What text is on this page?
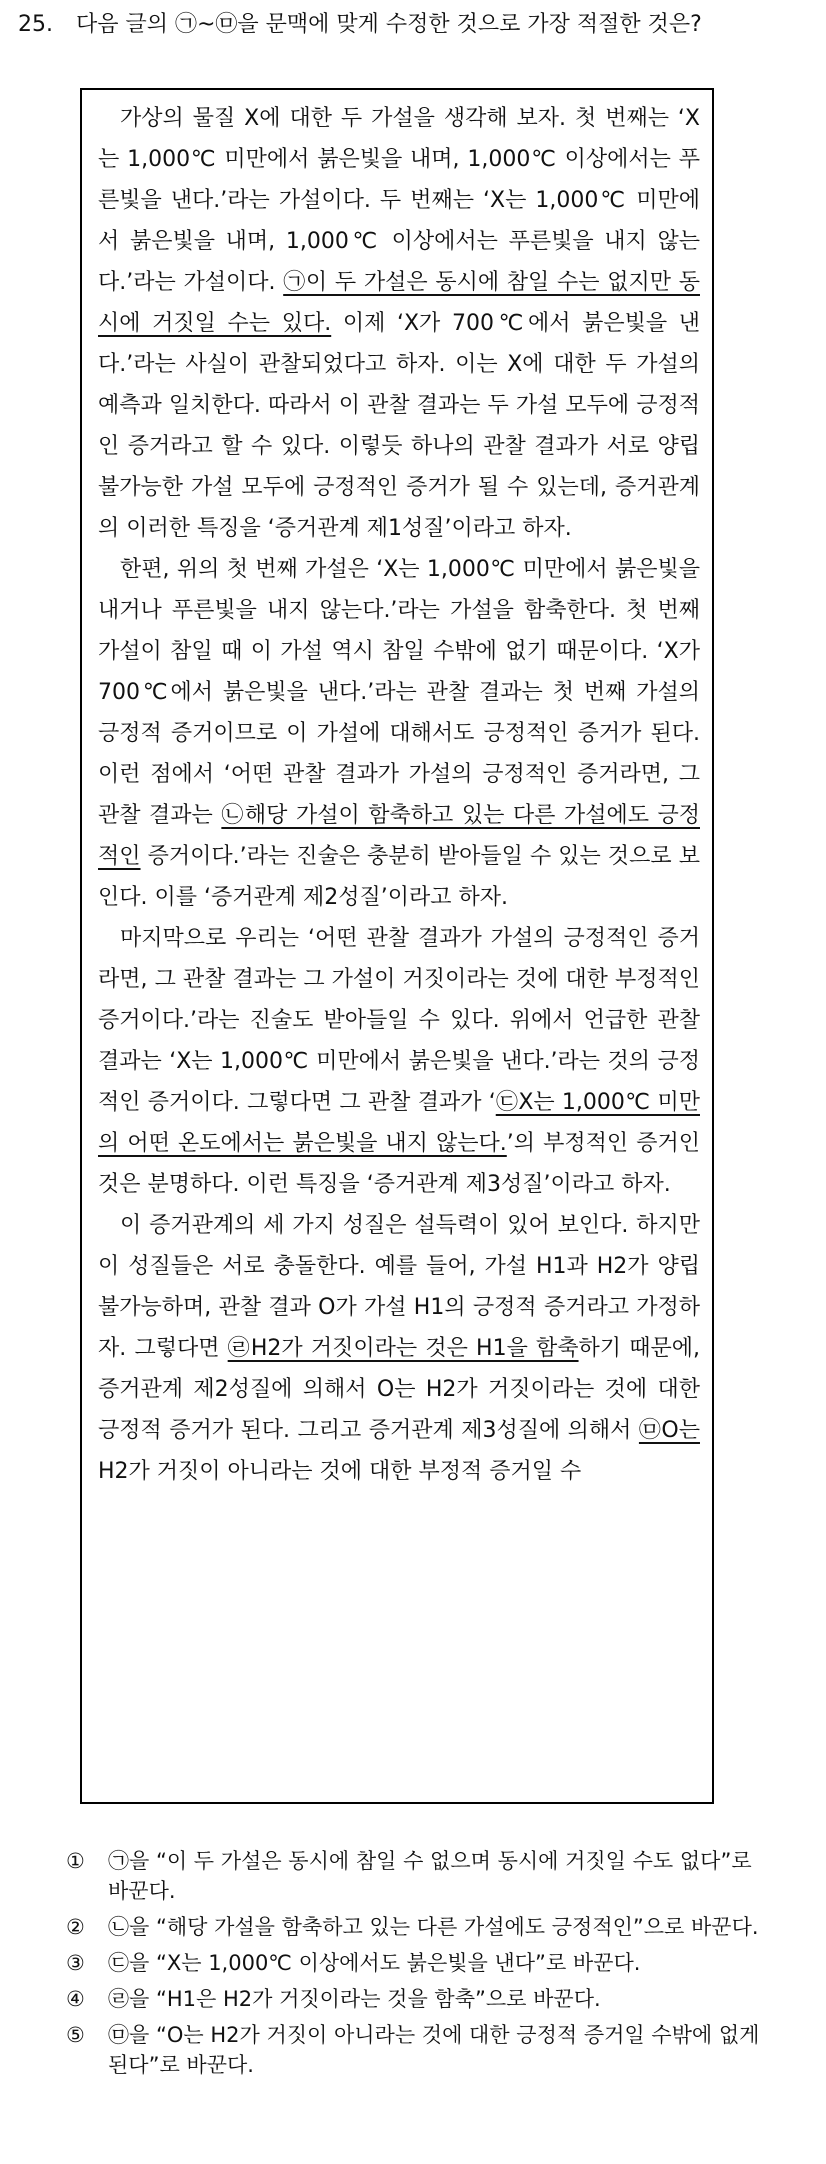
25. 다음 글의 ㉠~㉤을 문맥에 맞게 수정한 것으로 가장 적절한 것은?

가상의 물질 X에 대한 두 가설을 생각해 보자. 첫 번째는 ‘X는 1,000℃ 미만에서 붉은빛을 내며, 1,000℃ 이상에서는 푸른빛을 낸다.’라는 가설이다. 두 번째는 ‘X는 1,000℃ 미만에서 붉은빛을 내며, 1,000℃ 이상에서는 푸른빛을 내지 않는다.’라는 가설이다. ㉠이 두 가설은 동시에 참일 수는 없지만 동시에 거짓일 수는 있다. 이제 ‘X가 700℃에서 붉은빛을 낸다.’라는 사실이 관찰되었다고 하자. 이는 X에 대한 두 가설의 예측과 일치한다. 따라서 이 관찰 결과는 두 가설 모두에 긍정적인 증거라고 할 수 있다. 이렇듯 하나의 관찰 결과가 서로 양립불가능한 가설 모두에 긍정적인 증거가 될 수 있는데, 증거관계의 이러한 특징을 ‘증거관계 제1성질’이라고 하자.

한편, 위의 첫 번째 가설은 ‘X는 1,000℃ 미만에서 붉은빛을 내거나 푸른빛을 내지 않는다.’라는 가설을 함축한다. 첫 번째 가설이 참일 때 이 가설 역시 참일 수밖에 없기 때문이다. ‘X가 700℃에서 붉은빛을 낸다.’라는 관찰 결과는 첫 번째 가설의 긍정적 증거이므로 이 가설에 대해서도 긍정적인 증거가 된다. 이런 점에서 ‘어떤 관찰 결과가 가설의 긍정적인 증거라면, 그 관찰 결과는 ㉡해당 가설이 함축하고 있는 다른 가설에도 긍정적인 증거이다.’라는 진술은 충분히 받아들일 수 있는 것으로 보인다. 이를 ‘증거관계 제2성질’이라고 하자.

마지막으로 우리는 ‘어떤 관찰 결과가 가설의 긍정적인 증거라면, 그 관찰 결과는 그 가설이 거짓이라는 것에 대한 부정적인 증거이다.’라는 진술도 받아들일 수 있다. 위에서 언급한 관찰 결과는 ‘X는 1,000℃ 미만에서 붉은빛을 낸다.’라는 것의 긍정적인 증거이다. 그렇다면 그 관찰 결과가 ‘㉢X는 1,000℃ 미만의 어떤 온도에서는 붉은빛을 내지 않는다.’의 부정적인 증거인 것은 분명하다. 이런 특징을 ‘증거관계 제3성질’이라고 하자.

이 증거관계의 세 가지 성질은 설득력이 있어 보인다. 하지만 이 성질들은 서로 충돌한다. 예를 들어, 가설 H1과 H2가 양립불가능하며, 관찰 결과 O가 가설 H1의 긍정적 증거라고 가정하자. 그렇다면 ㉣H2가 거짓이라는 것은 H1을 함축하기 때문에, 증거관계 제2성질에 의해서 O는 H2가 거짓이라는 것에 대한 긍정적 증거가 된다. 그리고 증거관계 제3성질에 의해서 ㉤O는 H2가 거짓이 아니라는 것에 대한 부정적 증거일 수

① ㉠을 “이 두 가설은 동시에 참일 수 없으며 동시에 거짓일 수도 없다”로 바꾼다.
② ㉡을 “해당 가설을 함축하고 있는 다른 가설에도 긍정적인”으로 바꾼다.
③ ㉢을 “X는 1,000℃ 이상에서도 붉은빛을 낸다”로 바꾼다.
④ ㉣을 “H1은 H2가 거짓이라는 것을 함축”으로 바꾼다.
⑤ ㉤을 “O는 H2가 거짓이 아니라는 것에 대한 긍정적 증거일 수밖에 없게 된다”로 바꾼다.
